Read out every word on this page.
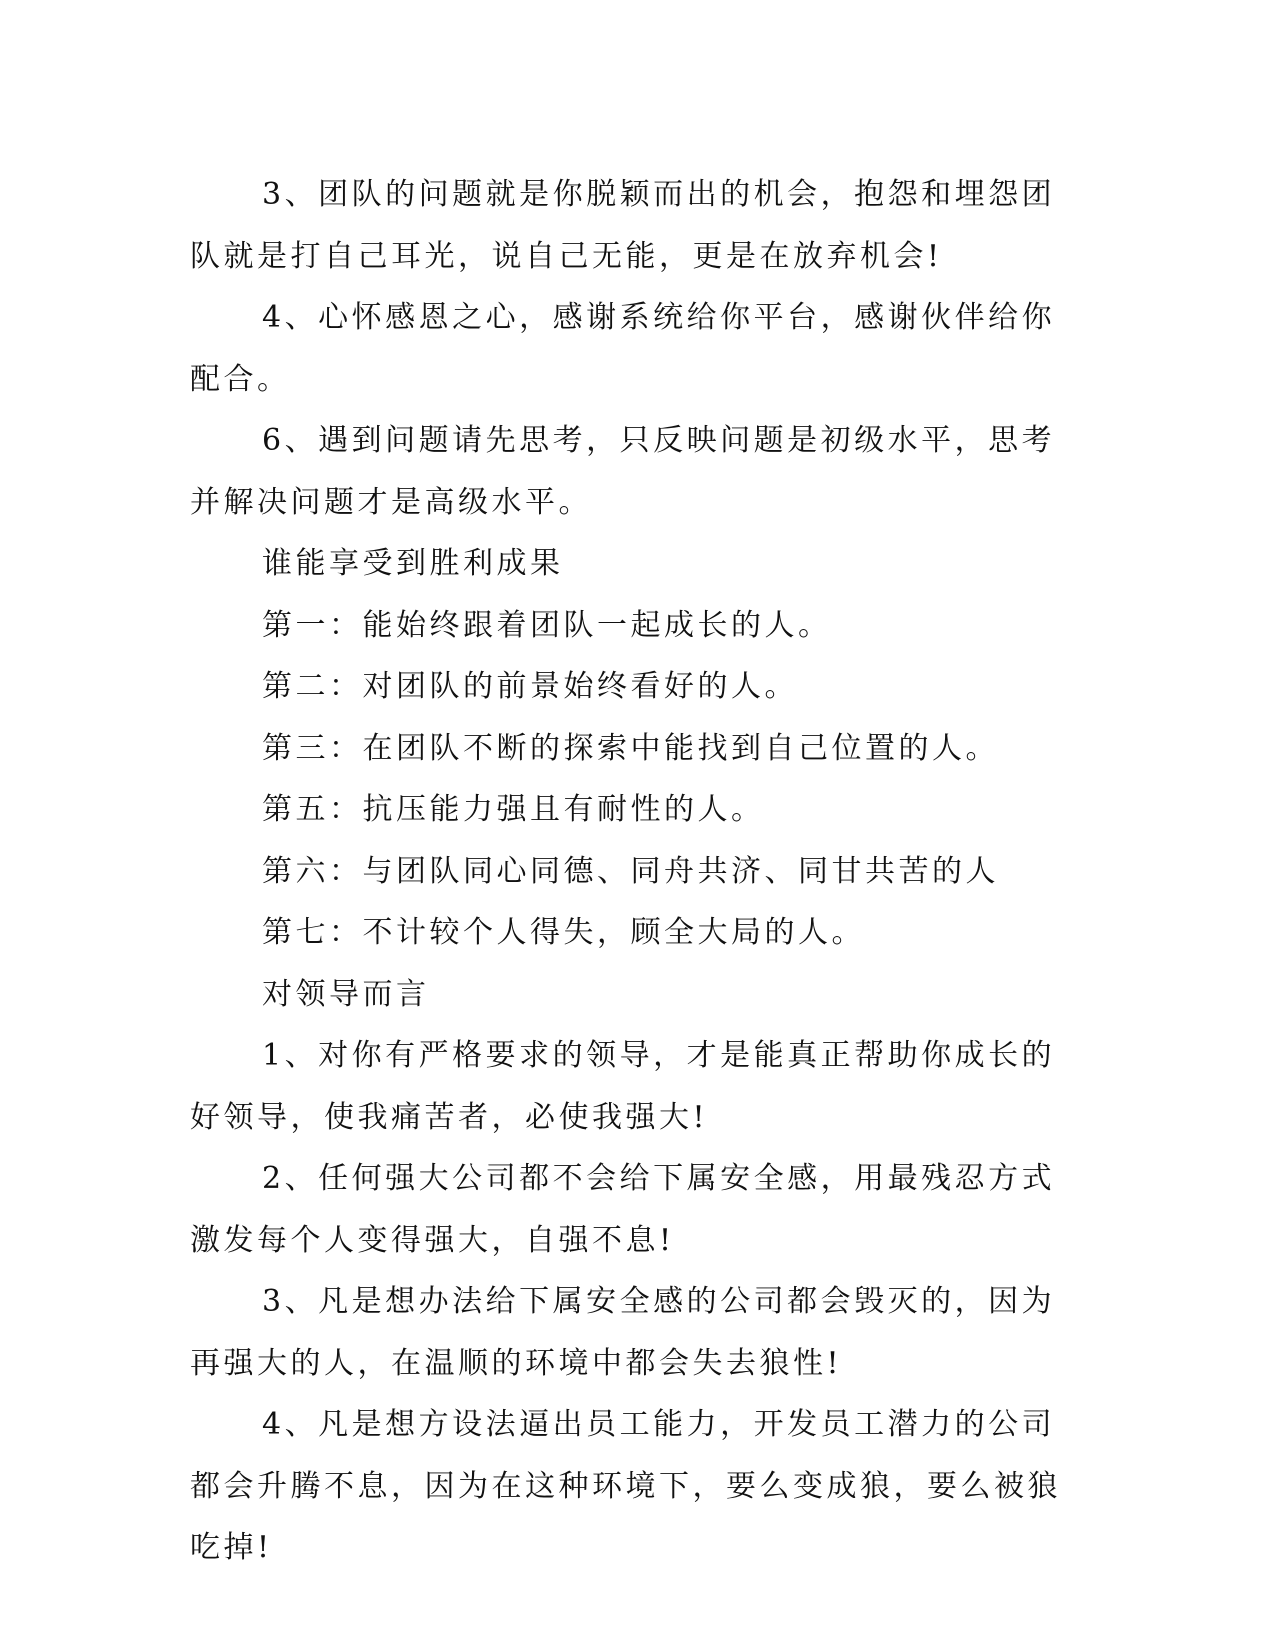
3、团队的问题就是你脱颖而出的机会，抱怨和埋怨团队就是打自己耳光，说自己无能，更是在放弃机会!

4、心怀感恩之心，感谢系统给你平台，感谢伙伴给你配合。

6、遇到问题请先思考，只反映问题是初级水平，思考并解决问题才是高级水平。

谁能享受到胜利成果

第一：能始终跟着团队一起成长的人。

第二：对团队的前景始终看好的人。

第三：在团队不断的探索中能找到自己位置的人。

第五：抗压能力强且有耐性的人。

第六：与团队同心同德、同舟共济、同甘共苦的人

第七：不计较个人得失，顾全大局的人。

对领导而言

1、对你有严格要求的领导，才是能真正帮助你成长的好领导，使我痛苦者，必使我强大!

2、任何强大公司都不会给下属安全感，用最残忍方式激发每个人变得强大，自强不息!

3、凡是想办法给下属安全感的公司都会毁灭的，因为再强大的人，在温顺的环境中都会失去狼性!

4、凡是想方设法逼出员工能力，开发员工潜力的公司都会升腾不息，因为在这种环境下，要么变成狼，要么被狼吃掉!
